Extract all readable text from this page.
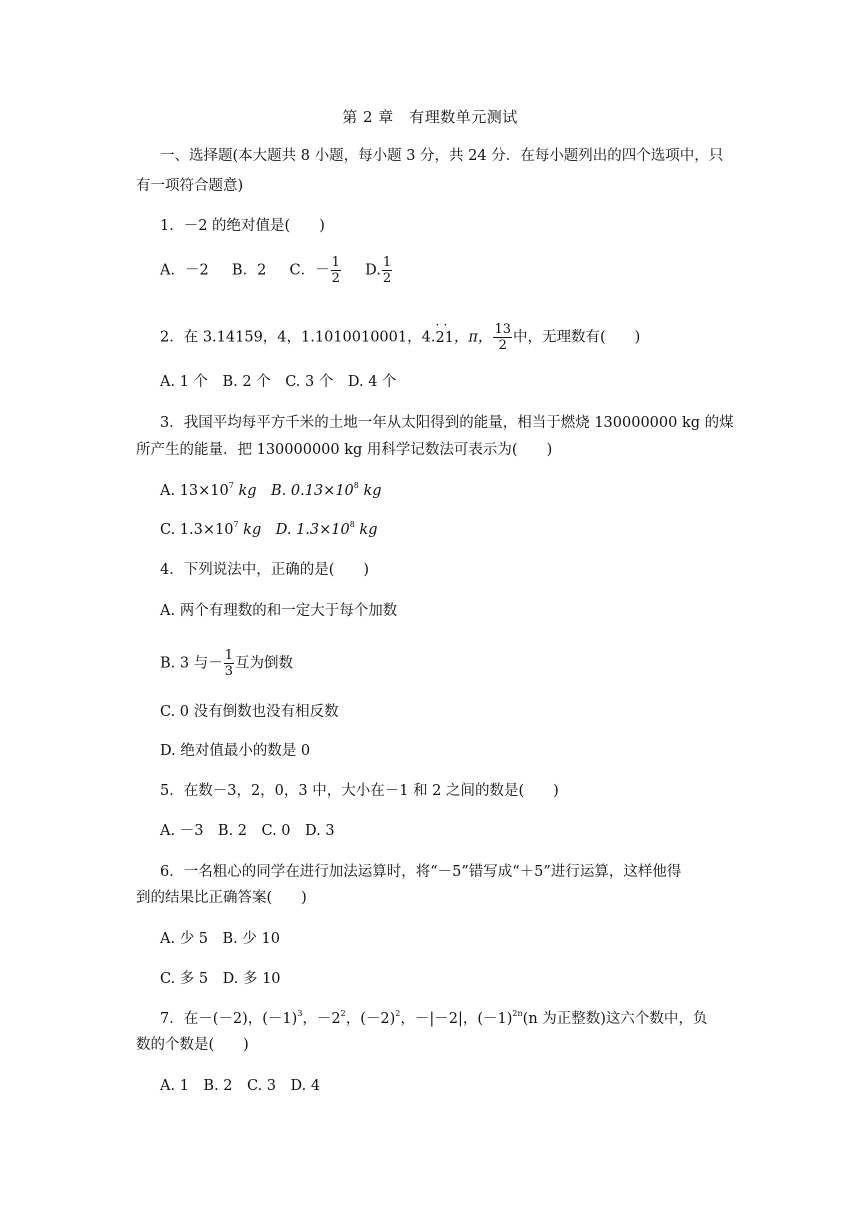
第 2 章　有理数单元测试
一、选择题(本大题共 8 小题，每小题 3 分，共 24 分．在每小题列出的四个选项中，只
有一项符合题意)
1．－2 的绝对值是(　　)
A．－2 B．2 C．－ $\frac{1}{2} D$. $\frac{1}{2}$
2．在 3.14159，4，1.1010010001，4.· 21 ·，π， $\frac{13}{2}$ 中，无理数有(　　)
A. 1 个　B. 2 个　C. 3 个　D. 4 个
3．我国平均每平方千米的土地一年从太阳得到的能量，相当于燃烧 130000000 kg 的煤
所产生的能量．把 130000000 kg 用科学记数法可表示为(　　)
A. $13\times 10^7$ kg　B. $0.13\times 10^8$ kg
C. $1.3\times 10^7$ kg　D. $1.3\times 10^8$ kg
4．下列说法中，正确的是(　　)
A. 两个有理数的和一定大于每个加数
B. 3 与－ $\frac{1}{3}$ 互为倒数
C. 0 没有倒数也没有相反数
D. 绝对值最小的数是 0
5．在数－3，2，0，3 中，大小在－1 和 2 之间的数是(　　)
A. －3　B. 2　C. 0　D. 3
6．一名粗心的同学在进行加法运算时，将“－5”错写成“＋5”进行运算，这样他得
到的结果比正确答案(　　)
A. 少 5　B. 少 10
C. 多 5　D. 多 10
7．在－(－2)，$(-1)^3$，$-2^2$，$(-2)^2$，－|－2|，$(-1)^{2n}(n$ 为正整数)这六个数中，负
数的个数是(　　)
A. 1　B. 2　C. 3　D. 4
